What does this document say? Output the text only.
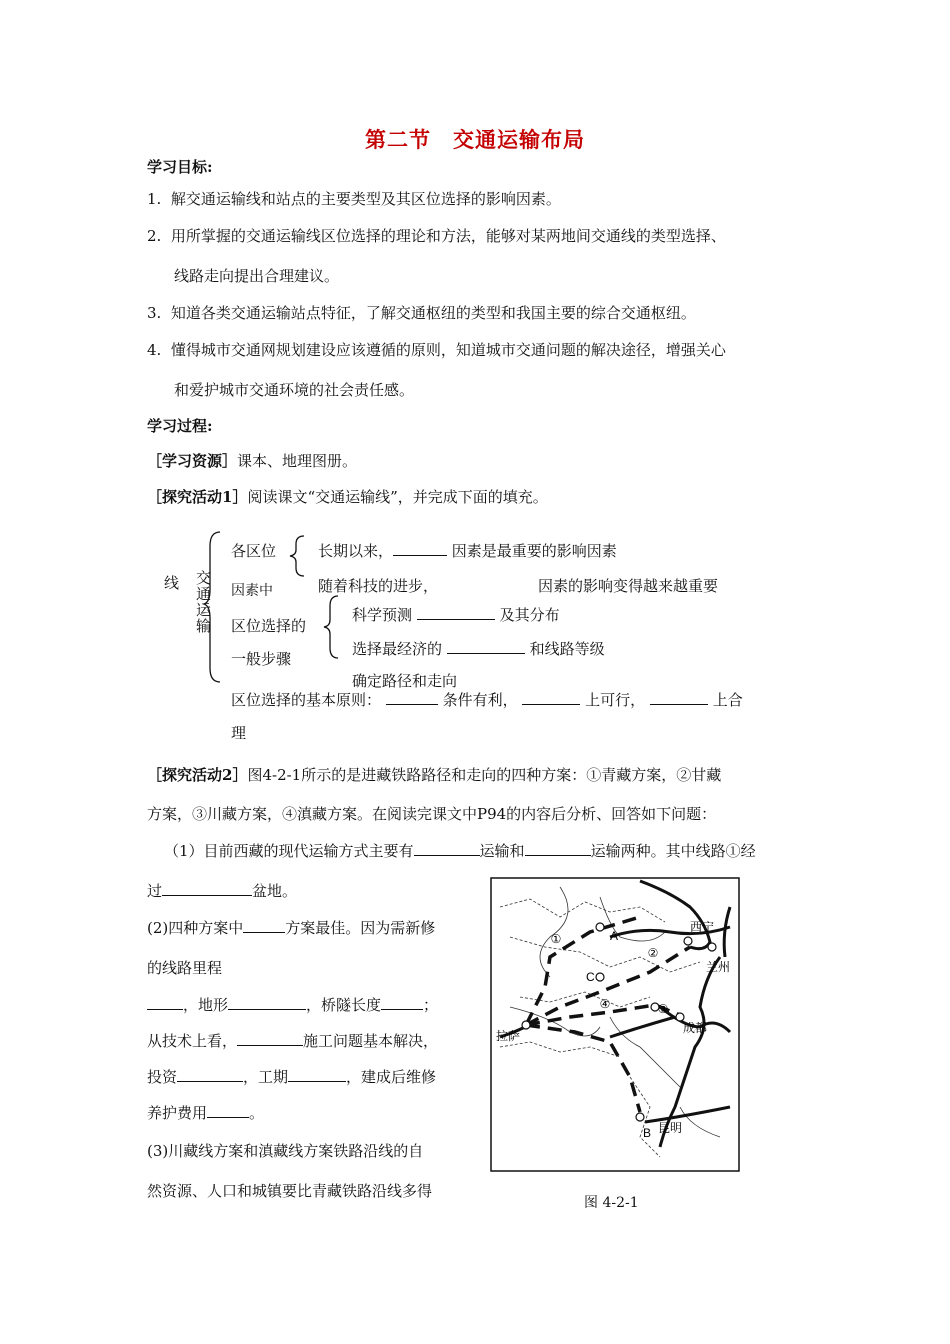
第二节　交通运输布局
学习目标:
1. 解交通运输线和站点的主要类型及其区位选择的影响因素。
2. 用所掌握的交通运输线区位选择的理论和方法，能够对某两地间交通线的类型选择、
线路走向提出合理建议。
3. 知道各类交通运输站点特征，了解交通枢纽的类型和我国主要的综合交通枢纽。
4. 懂得城市交通网规划建设应该遵循的原则，知道城市交通问题的解决途径，增强关心
和爱护城市交通环境的社会责任感。
学习过程:
［学习资源］课本、地理图册。
［探究活动1］阅读课文“交通运输线”，并完成下面的填充。
线 交
通
运
输
各区位
因素中
长期以来，	因素是最重要的影响因素
随着科技的进步，	因素的影响变得越来越重要
区位选择的
一般步骤
科学预测	及其分布
选择最经济的	和线路等级
确定路径和走向
区位选择的基本原则：	条件有利，	上可行，	上合
理
［探究活动2］图4-2-1所示的是进藏铁路路径和走向的四种方案：①青藏方案，②甘藏
方案，③川藏方案，④滇藏方案。在阅读完课文中P94的内容后分析、回答如下问题：
（1）目前西藏的现代运输方式主要有	运输和	运输两种。其中线路①经
过	盆地。
(2)四种方案中	方案最佳。因为需新修
的线路里程
，地形	，桥隧长度	；
从技术上看，	施工问题基本解决，
投资	，工期	，建成后维修
养护费用	。
(3)川藏线方案和滇藏线方案铁路沿线的自
然资源、人口和城镇要比青藏铁路沿线多得
西宁
兰州
成都
拉萨
昆明
A
B
C
①
②
③
④
图 4-2-1
